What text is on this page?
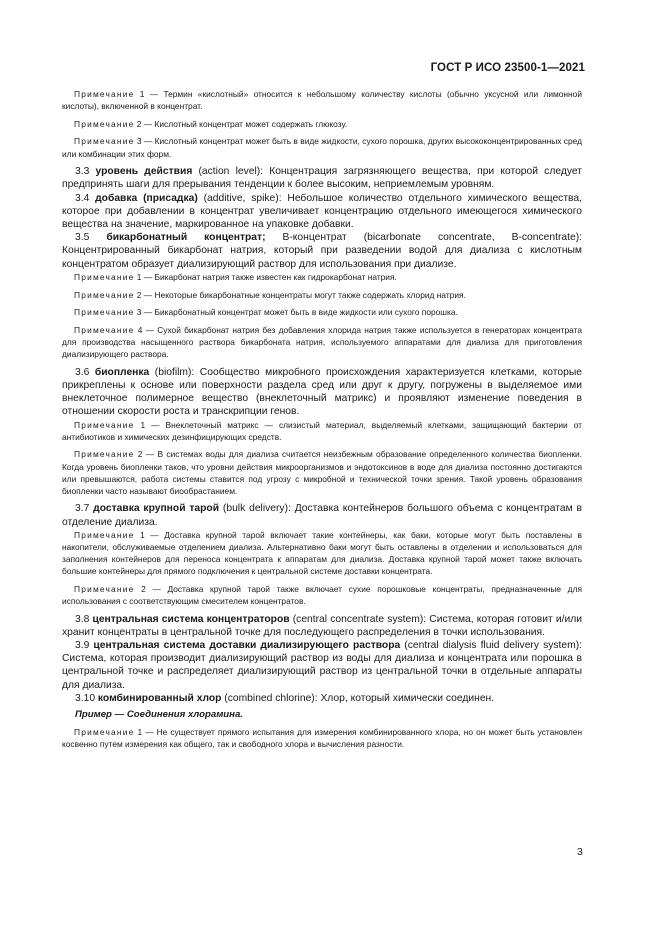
ГОСТ Р ИСО 23500-1—2021

Примечание 1 — Термин «кислотный» относится к небольшому количеству кислоты (обычно уксусной или лимонной кислоты), включенной в концентрат.

Примечание 2 — Кислотный концентрат может содержать глюкозу.

Примечание 3 — Кислотный концентрат может быть в виде жидкости, сухого порошка, других высококонцентрированных сред или комбинации этих форм.

3.3 уровень действия (action level): Концентрация загрязняющего вещества, при которой следует предпринять шаги для прерывания тенденции к более высоким, неприемлемым уровням.

3.4 добавка (присадка) (additive, spike): Небольшое количество отдельного химического вещества, которое при добавлении в концентрат увеличивает концентрацию отдельного имеющегося химического вещества на значение, маркированное на упаковке добавки.

3.5 бикарбонатный концентрат; В-концентрат (bicarbonate concentrate, B-concentrate): Концентрированный бикарбонат натрия, который при разведении водой для диализа с кислотным концентратом образует диализирующий раствор для использования при диализе.

Примечание 1 — Бикарбонат натрия также известен как гидрокарбонат натрия.

Примечание 2 — Некоторые бикарбонатные концентраты могут также содержать хлорид натрия.

Примечание 3 — Бикарбонатный концентрат может быть в виде жидкости или сухого порошка.

Примечание 4 — Сухой бикарбонат натрия без добавления хлорида натрия также используется в генераторах концентрата для производства насыщенного раствора бикарбоната натрия, используемого аппаратами для диализа для приготовления диализирующего раствора.

3.6 биопленка (biofilm): Сообщество микробного происхождения характеризуется клетками, которые прикреплены к основе или поверхности раздела сред или друг к другу, погружены в выделяемое ими внеклеточное полимерное вещество (внеклеточный матрикс) и проявляют изменение поведения в отношении скорости роста и транскрипции генов.

Примечание 1 — Внеклеточный матрикс — слизистый материал, выделяемый клетками, защищающий бактерии от антибиотиков и химических дезинфицирующих средств.

Примечание 2 — В системах воды для диализа считается неизбежным образование определенного количества биопленки. Когда уровень биопленки таков, что уровни действия микроорганизмов и эндотоксинов в воде для диализа постоянно достигаются или превышаются, работа системы ставится под угрозу с микробной и технической точки зрения. Такой уровень образования биопленки часто называют биообрастанием.

3.7 доставка крупной тарой (bulk delivery): Доставка контейнеров большого объема с концентратам в отделение диализа.

Примечание 1 — Доставка крупной тарой включает такие контейнеры, как баки, которые могут быть поставлены в накопители, обслуживаемые отделением диализа. Альтернативно баки могут быть оставлены в отделении и использоваться для заполнения контейнеров для переноса концентрата к аппаратам для диализа. Доставка крупной тарой может также включать большие контейнеры для прямого подключения к центральной системе доставки концентрата.

Примечание 2 — Доставка крупной тарой также включает сухие порошковые концентраты, предназначенные для использования с соответствующим смесителем концентратов.

3.8 центральная система концентраторов (central concentrate system): Система, которая готовит и/или хранит концентраты в центральной точке для последующего распределения в точки использования.

3.9 центральная система доставки диализирующего раствора (central dialysis fluid delivery system): Система, которая производит диализирующий раствор из воды для диализа и концентрата или порошка в центральной точке и распределяет диализирующий раствор из центральной точки в отдельные аппараты для диализа.

3.10 комбинированный хлор (combined chlorine): Хлор, который химически соединен.

Пример — Соединения хлорамина.

Примечание 1 — Не существует прямого испытания для измерения комбинированного хлора, но он может быть установлен косвенно путем измерения как общего, так и свободного хлора и вычисления разности.

3
